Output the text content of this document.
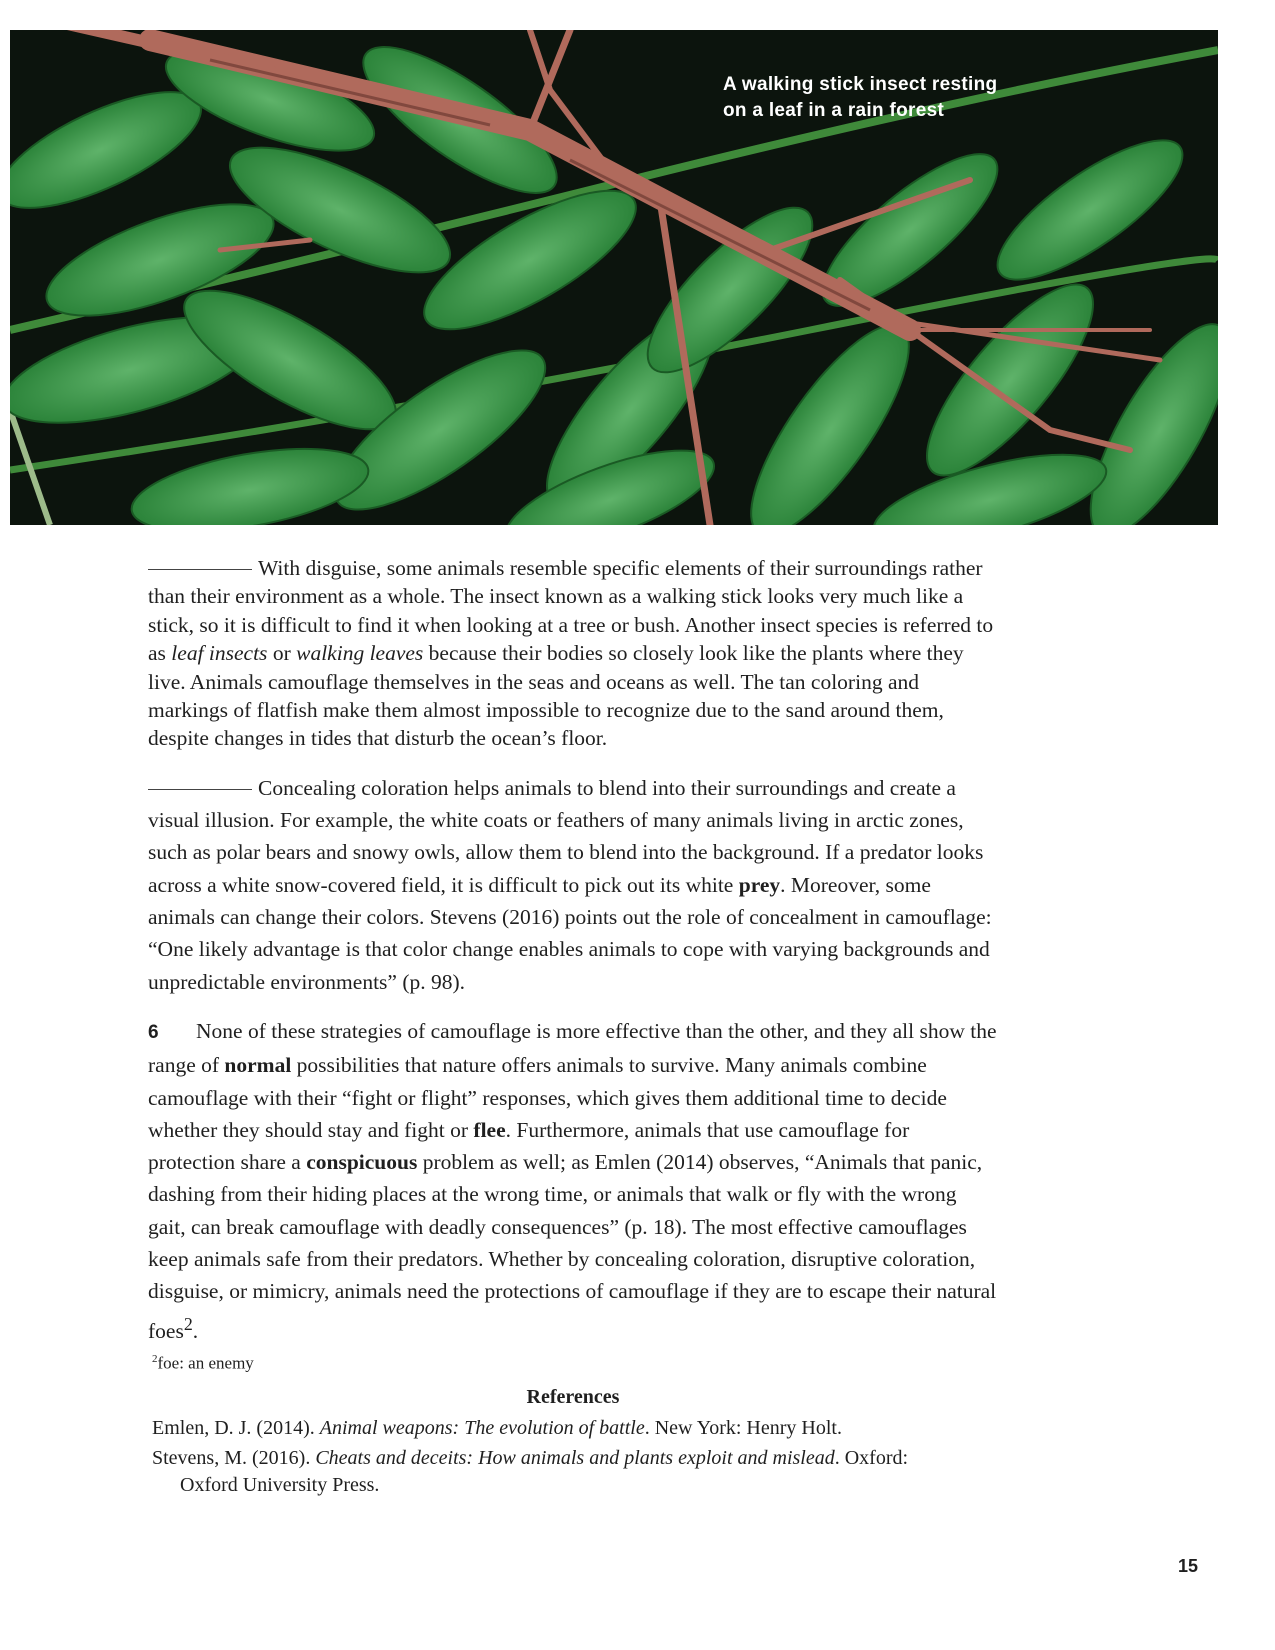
A walking stick insect resting
on a leaf in a rain forest

With disguise, some animals resemble specific elements of their surroundings rather than their environment as a whole. The insect known as a walking stick looks very much like a stick, so it is difficult to find it when looking at a tree or bush. Another insect species is referred to as leaf insects or walking leaves because their bodies so closely look like the plants where they live. Animals camouflage themselves in the seas and oceans as well. The tan coloring and markings of flatfish make them almost impossible to recognize due to the sand around them, despite changes in tides that disturb the ocean’s floor.

Concealing coloration helps animals to blend into their surroundings and create a visual illusion. For example, the white coats or feathers of many animals living in arctic zones, such as polar bears and snowy owls, allow them to blend into the background. If a predator looks across a white snow-covered field, it is difficult to pick out its white prey. Moreover, some animals can change their colors. Stevens (2016) points out the role of concealment in camouflage: “One likely advantage is that color change enables animals to cope with varying backgrounds and unpredictable environments” (p. 98).

6 None of these strategies of camouflage is more effective than the other, and they all show the range of normal possibilities that nature offers animals to survive. Many animals combine camouflage with their “fight or flight” responses, which gives them additional time to decide whether they should stay and fight or flee. Furthermore, animals that use camouflage for protection share a conspicuous problem as well; as Emlen (2014) observes, “Animals that panic, dashing from their hiding places at the wrong time, or animals that walk or fly with the wrong gait, can break camouflage with deadly consequences” (p. 18). The most effective camouflages keep animals safe from their predators. Whether by concealing coloration, disruptive coloration, disguise, or mimicry, animals need the protections of camouflage if they are to escape their natural foes$^2$.

$^2$foe: an enemy

References

Emlen, D. J. (2014). Animal weapons: The evolution of battle. New York: Henry Holt.

Stevens, M. (2016). Cheats and deceits: How animals and plants exploit and mislead. Oxford: Oxford University Press.

15
